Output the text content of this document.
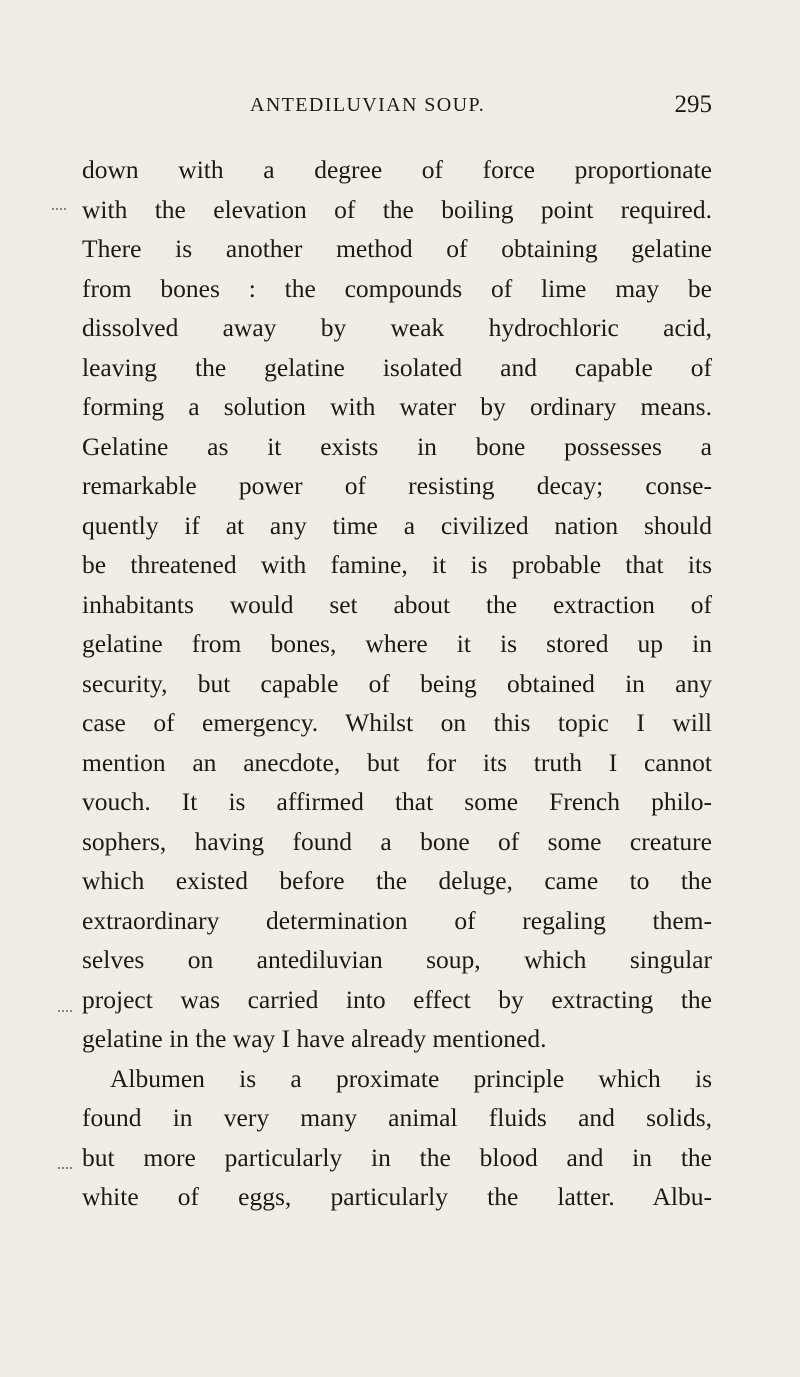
ANTEDILUVIAN SOUP.	295
down with a degree of force proportionate
with the elevation of the boiling point required.
There is another method of obtaining gelatine
from bones : the compounds of lime may be
dissolved away by weak hydrochloric acid,
leaving the gelatine isolated and capable of
forming a solution with water by ordinary means.
Gelatine as it exists in bone possesses a
remarkable power of resisting decay; conse-
quently if at any time a civilized nation should
be threatened with famine, it is probable that its
inhabitants would set about the extraction of
gelatine from bones, where it is stored up in
security, but capable of being obtained in any
case of emergency. Whilst on this topic I will
mention an anecdote, but for its truth I cannot
vouch. It is affirmed that some French philo-
sophers, having found a bone of some creature
which existed before the deluge, came to the
extraordinary determination of regaling them-
selves on antediluvian soup, which singular
project was carried into effect by extracting the
gelatine in the way I have already mentioned.
Albumen is a proximate principle which is
found in very many animal fluids and solids,
but more particularly in the blood and in the
white of eggs, particularly the latter. Albu-
